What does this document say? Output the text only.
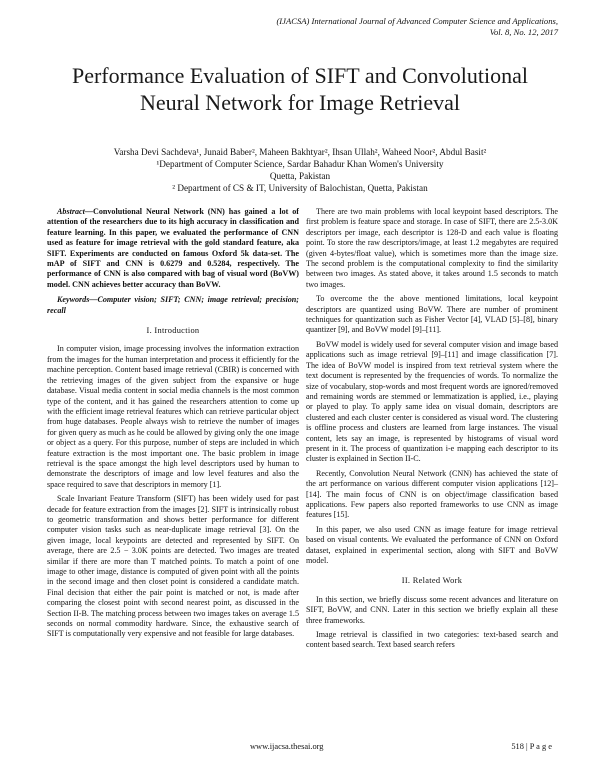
(IJACSA) International Journal of Advanced Computer Science and Applications,
Vol. 8, No. 12, 2017
Performance Evaluation of SIFT and Convolutional
Neural Network for Image Retrieval
Varsha Devi Sachdeva¹, Junaid Baber², Maheen Bakhtyar², Ihsan Ullah², Waheed Noor², Abdul Basit²
¹Department of Computer Science, Sardar Bahadur Khan Women's University
Quetta, Pakistan
² Department of CS & IT, University of Balochistan, Quetta, Pakistan

Abstract—Convolutional Neural Network (NN) has gained a lot of attention of the researchers due to its high accuracy in classification and feature learning. In this paper, we evaluated the performance of CNN used as feature for image retrieval with the gold standard feature, aka SIFT. Experiments are conducted on famous Oxford 5k data-set. The mAP of SIFT and CNN is 0.6279 and 0.5284, respectively. The performance of CNN is also compared with bag of visual word (BoVW) model. CNN achieves better accuracy than BoVW.

Keywords—Computer vision; SIFT; CNN; image retrieval; precision; recall

I. Introduction

In computer vision, image processing involves the information extraction from the images for the human interpretation and process it efficiently for the machine perception. Content based image retrieval (CBIR) is concerned with the retrieving images of the given subject from the expansive or huge database. Visual media content in social media channels is the most common type of the content, and it has gained the researchers attention to come up with the efficient image retrieval features which can retrieve particular object from huge databases. People always wish to retrieve the number of images for given query as much as he could be allowed by giving only the one image or object as a query. For this purpose, number of steps are included in which feature extraction is the most important one. The basic problem in image retrieval is the space amongst the high level descriptors used by human to demonstrate the descriptors of image and low level features and also the space required to save that descriptors in memory [1].

Scale Invariant Feature Transform (SIFT) has been widely used for past decade for feature extraction from the images [2]. SIFT is intrinsically robust to geometric transformation and shows better performance for different computer vision tasks such as near-duplicate image retrieval [3]. On the given image, local keypoints are detected and represented by SIFT. On average, there are 2.5 − 3.0K points are detected. Two images are treated similar if there are more than T matched points. To match a point of one image to other image, distance is computed of given point with all the points in the second image and then closet point is considered a candidate match. Final decision that either the pair point is matched or not, is made after comparing the closest point with second nearest point, as discussed in the Section II-B. The matching process between two images takes on average 1.5 seconds on normal commodity hardware. Since, the exhaustive search of SIFT is computationally very expensive and not feasible for large databases.

There are two main problems with local keypoint based descriptors. The first problem is feature space and storage. In case of SIFT, there are 2.5-3.0K descriptors per image, each descriptor is 128-D and each value is floating point. To store the raw descriptors/image, at least 1.2 megabytes are required (given 4-bytes/float value), which is sometimes more than the image size. The second problem is the computational complexity to find the similarity between two images. As stated above, it takes around 1.5 seconds to match two images.

To overcome the the above mentioned limitations, local keypoint descriptors are quantized using BoVW. There are number of prominent techniques for quantization such as Fisher Vector [4], VLAD [5]–[8], binary quantizer [9], and BoVW model [9]–[11].

BoVW model is widely used for several computer vision and image based applications such as image retrieval [9]–[11] and image classification [7]. The idea of BoVW model is inspired from text retrieval system where the text document is represented by the frequencies of words. To normalize the size of vocabulary, stop-words and most frequent words are ignored/removed and remaining words are stemmed or lemmatization is applied, i.e., playing or played to play. To apply same idea on visual domain, descriptors are clustered and each cluster center is considered as visual word. The clustering is offline process and clusters are learned from large instances. The visual content, lets say an image, is represented by histograms of visual word present in it. The process of quantization i-e mapping each descriptor to its cluster is explained in Section II-C.

Recently, Convolution Neural Network (CNN) has achieved the state of the art performance on various different computer vision applications [12]–[14]. The main focus of CNN is on object/image classification based applications. Few papers also reported frameworks to use CNN as image features [15].

In this paper, we also used CNN as image feature for image retrieval based on visual contents. We evaluated the performance of CNN on Oxford dataset, explained in experimental section, along with SIFT and BoVW model.

II. Related Work

In this section, we briefly discuss some recent advances and literature on SIFT, BoVW, and CNN. Later in this section we briefly explain all these three frameworks.

Image retrieval is classified in two categories: text-based search and content based search. Text based search refers

www.ijacsa.thesai.org	518 | P a g e
